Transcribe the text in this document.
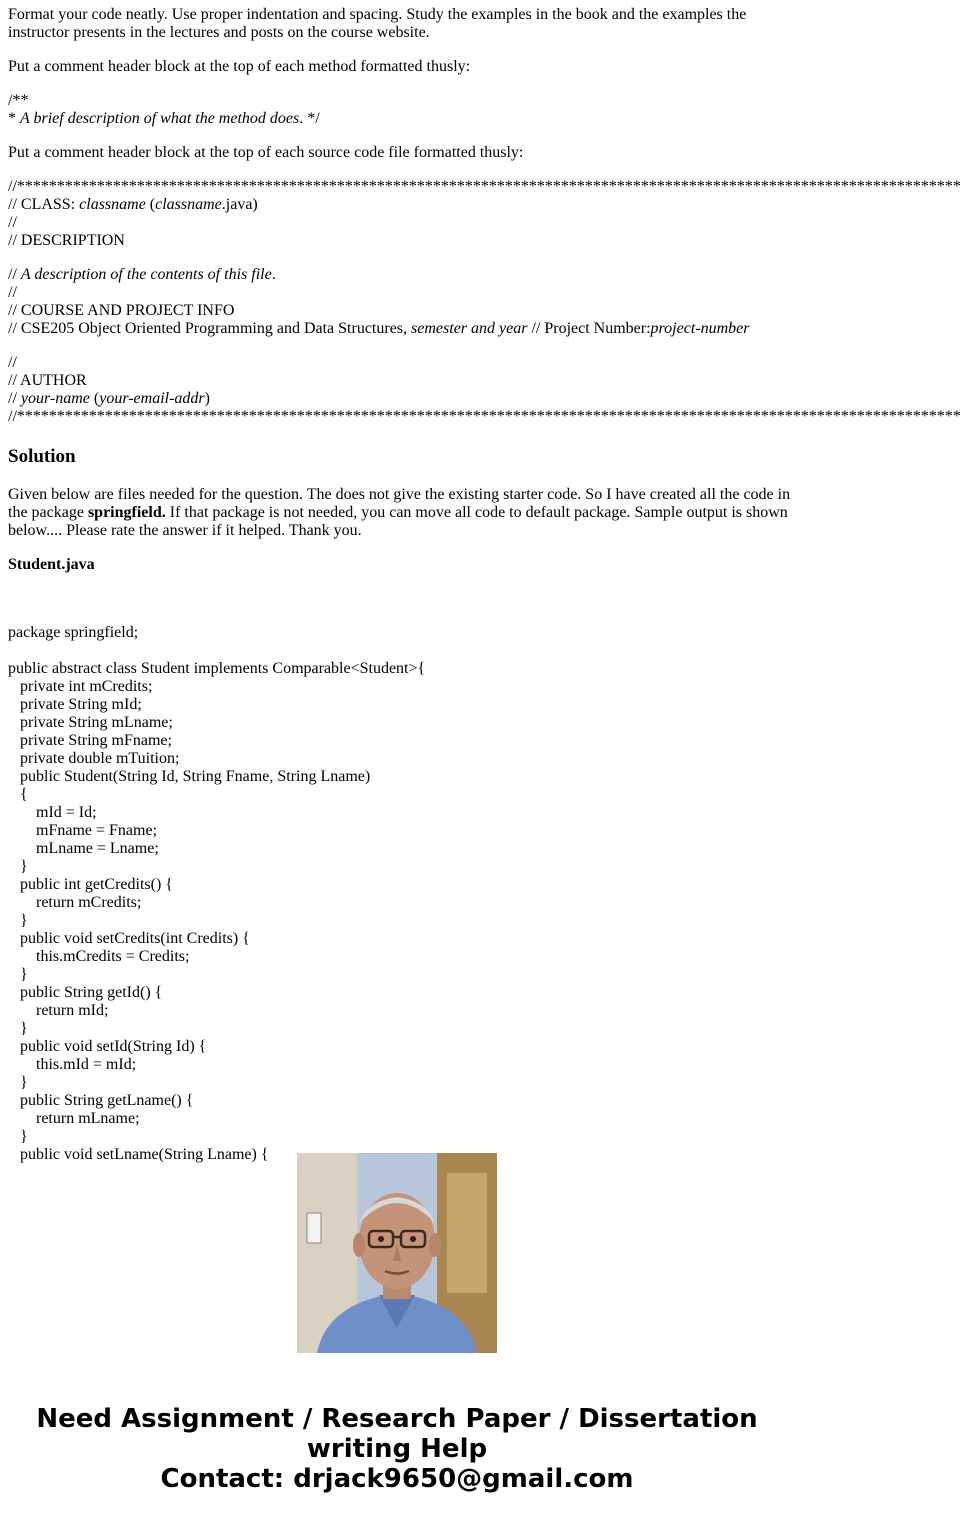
Format your code neatly. Use proper indentation and spacing. Study the examples in the book and the examples the instructor presents in the lectures and posts on the course website.

Put a comment header block at the top of each method formatted thusly:

/**
* A brief description of what the method does. */

Put a comment header block at the top of each source code file formatted thusly:

//**********************************************************************************************************************
// CLASS: classname (classname.java)
//

// DESCRIPTION

// A description of the contents of this file.
//
// COURSE AND PROJECT INFO

// CSE205 Object Oriented Programming and Data Structures, semester and year // Project Number:project-number

//
// AUTHOR
// your-name (your-email-addr)
//**********************************************************************************************************************
Solution

Given below are files needed for the question. The does not give the existing starter code. So I have created all the code in the package springfield. If that package is not needed, you can move all code to default package. Sample output is shown below.... Please rate the answer if it helped. Thank you.

Student.java

package springfield;
public abstract class Student implements Comparable<Student>{
private int mCredits;
private String mId;
private String mLname;
private String mFname;
private double mTuition;
public Student(String Id, String Fname, String Lname)
{
mId = Id;
mFname = Fname;
mLname = Lname;
}
public int getCredits() {
return mCredits;
}
public void setCredits(int Credits) {
this.mCredits = Credits;
}
public String getId() {
return mId;
}
public void setId(String Id) {
this.mId = mId;
}
public String getLname() {
return mLname;
}
public void setLname(String Lname) {
Need Assignment / Research Paper / Dissertation
writing Help
Contact: drjack9650@gmail.com
